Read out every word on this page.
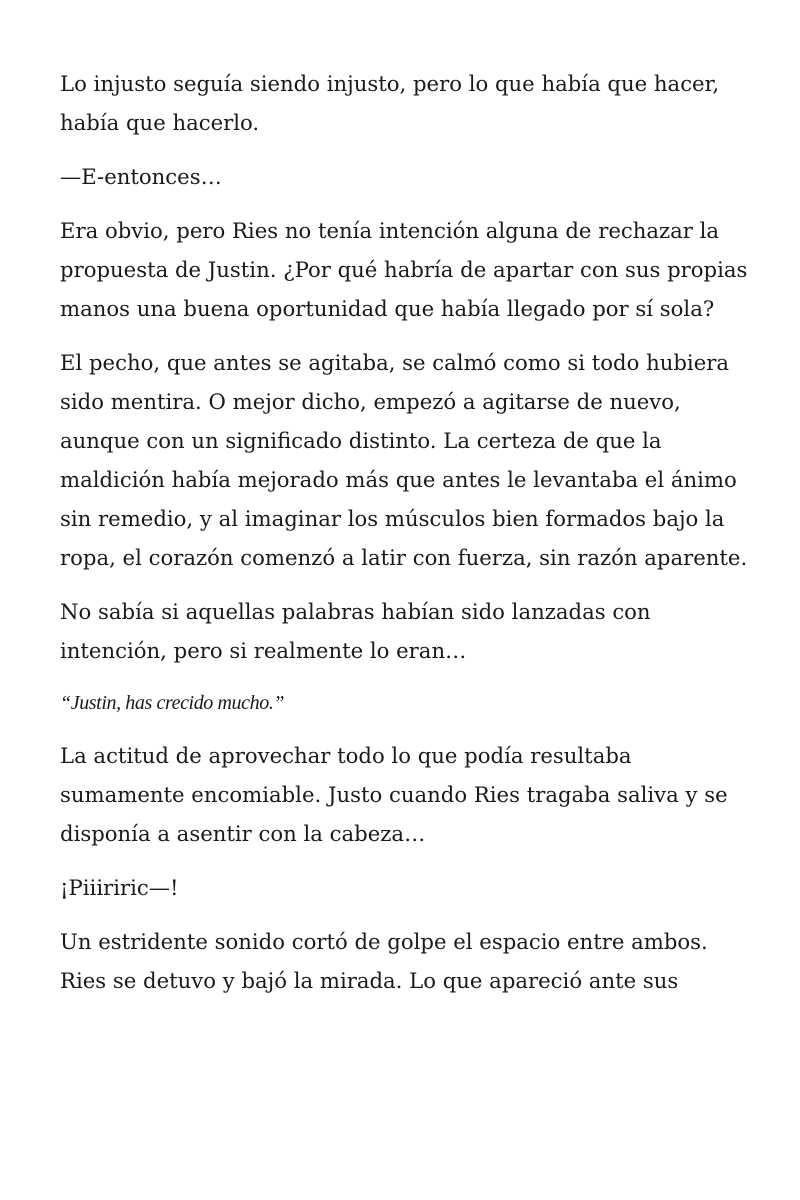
Lo injusto seguía siendo injusto, pero lo que había que hacer, había que hacerlo.

—E-entonces…

Era obvio, pero Ries no tenía intención alguna de rechazar la propuesta de Justin. ¿Por qué habría de apartar con sus propias manos una buena oportunidad que había llegado por sí sola?

El pecho, que antes se agitaba, se calmó como si todo hubiera sido mentira. O mejor dicho, empezó a agitarse de nuevo, aunque con un significado distinto. La certeza de que la maldición había mejorado más que antes le levantaba el ánimo sin remedio, y al imaginar los músculos bien formados bajo la ropa, el corazón comenzó a latir con fuerza, sin razón aparente.

No sabía si aquellas palabras habían sido lanzadas con intención, pero si realmente lo eran…

“Justin, has crecido mucho.”

La actitud de aprovechar todo lo que podía resultaba sumamente encomiable. Justo cuando Ries tragaba saliva y se disponía a asentir con la cabeza…

¡Piiiriric—!

Un estridente sonido cortó de golpe el espacio entre ambos. Ries se detuvo y bajó la mirada. Lo que apareció ante sus
